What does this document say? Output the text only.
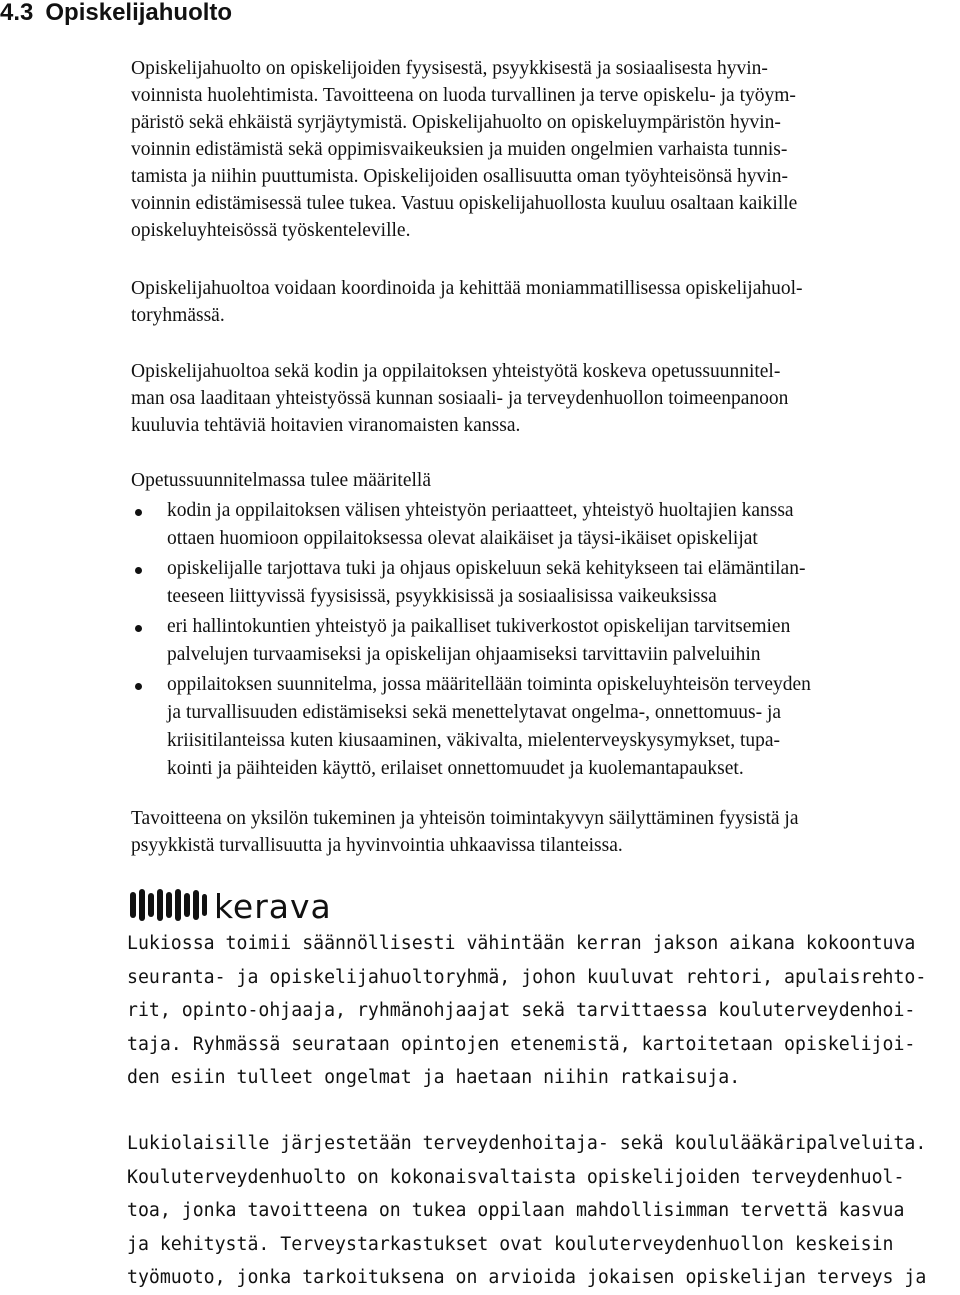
4.3 Opiskelijahuolto

Opiskelijahuolto on opiskelijoiden fyysisestä, psyykkisestä ja sosiaalisesta hyvin-
voinnista huolehtimista. Tavoitteena on luoda turvallinen ja terve opiskelu- ja työym-
päristö sekä ehkäistä syrjäytymistä. Opiskelijahuolto on opiskeluympäristön hyvin-
voinnin edistämistä sekä oppimisvaikeuksien ja muiden ongelmien varhaista tunnis-
tamista ja niihin puuttumista. Opiskelijoiden osallisuutta oman työyhteisönsä hyvin-
voinnin edistämisessä tulee tukea. Vastuu opiskelijahuollosta kuuluu osaltaan kaikille
opiskeluyhteisössä työskenteleville.

Opiskelijahuoltoa voidaan koordinoida ja kehittää moniammatillisessa opiskelijahuol-
toryhmässä.

Opiskelijahuoltoa sekä kodin ja oppilaitoksen yhteistyötä koskeva opetussuunnitel-
man osa laaditaan yhteistyössä kunnan sosiaali- ja terveydenhuollon toimeenpanoon
kuuluvia tehtäviä hoitavien viranomaisten kanssa.

Opetussuunnitelmassa tulee määritellä

kodin ja oppilaitoksen välisen yhteistyön periaatteet, yhteistyö huoltajien kanssa
ottaen huomioon oppilaitoksessa olevat alaikäiset ja täysi-ikäiset opiskelijat
opiskelijalle tarjottava tuki ja ohjaus opiskeluun sekä kehitykseen tai elämäntilan-
teeseen liittyvissä fyysisissä, psyykkisissä ja sosiaalisissa vaikeuksissa
eri hallintokuntien yhteistyö ja paikalliset tukiverkostot opiskelijan tarvitsemien
palvelujen turvaamiseksi ja opiskelijan ohjaamiseksi tarvittaviin palveluihin
oppilaitoksen suunnitelma, jossa määritellään toiminta opiskeluyhteisön terveyden
ja turvallisuuden edistämiseksi sekä menettelytavat ongelma-, onnettomuus- ja
kriisitilanteissa kuten kiusaaminen, väkivalta, mielenterveyskysymykset, tupa-
kointi ja päihteiden käyttö, erilaiset onnettomuudet ja kuolemantapaukset.

Tavoitteena on yksilön tukeminen ja yhteisön toimintakyvyn säilyttäminen fyysistä ja
psyykkistä turvallisuutta ja hyvinvointia uhkaavissa tilanteissa.

kerava

Lukiossa toimii säännöllisesti vähintään kerran jakson aikana kokoontuva
seuranta- ja opiskelijahuoltoryhmä, johon kuuluvat rehtori, apulaisrehto-
rit, opinto-ohjaaja, ryhmänohjaajat sekä tarvittaessa kouluterveydenhoi-
taja. Ryhmässä seurataan opintojen etenemistä, kartoitetaan opiskelijoi-
den esiin tulleet ongelmat ja haetaan niihin ratkaisuja.

Lukiolaisille järjestetään terveydenhoitaja- sekä koululääkäripalveluita.
Kouluterveydenhuolto on kokonaisvaltaista opiskelijoiden terveydenhuol-
toa, jonka tavoitteena on tukea oppilaan mahdollisimman tervettä kasvua
ja kehitystä. Terveystarkastukset ovat kouluterveydenhuollon keskeisin
työmuoto, jonka tarkoituksena on arvioida jokaisen opiskelijan terveys ja
